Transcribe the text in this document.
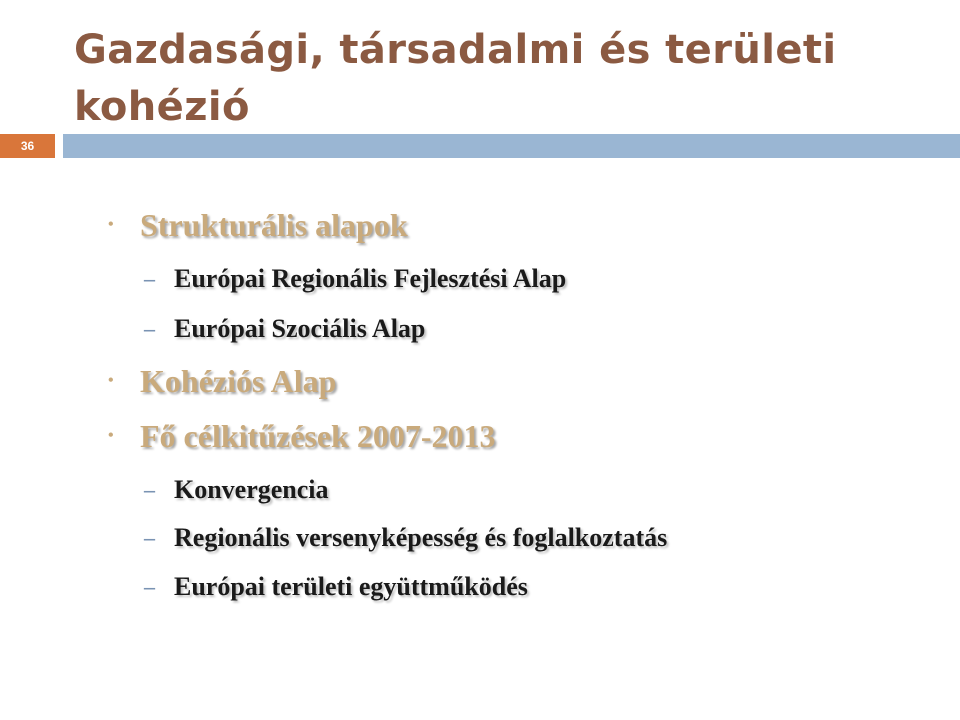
Gazdasági, társadalmi és területi kohézió
36
• Strukturális alapok
– Európai Regionális Fejlesztési Alap
– Európai Szociális Alap
• Kohéziós Alap
• Fő célkitűzések 2007-2013
– Konvergencia
– Regionális versenyképesség és foglalkoztatás
– Európai területi együttműködés
